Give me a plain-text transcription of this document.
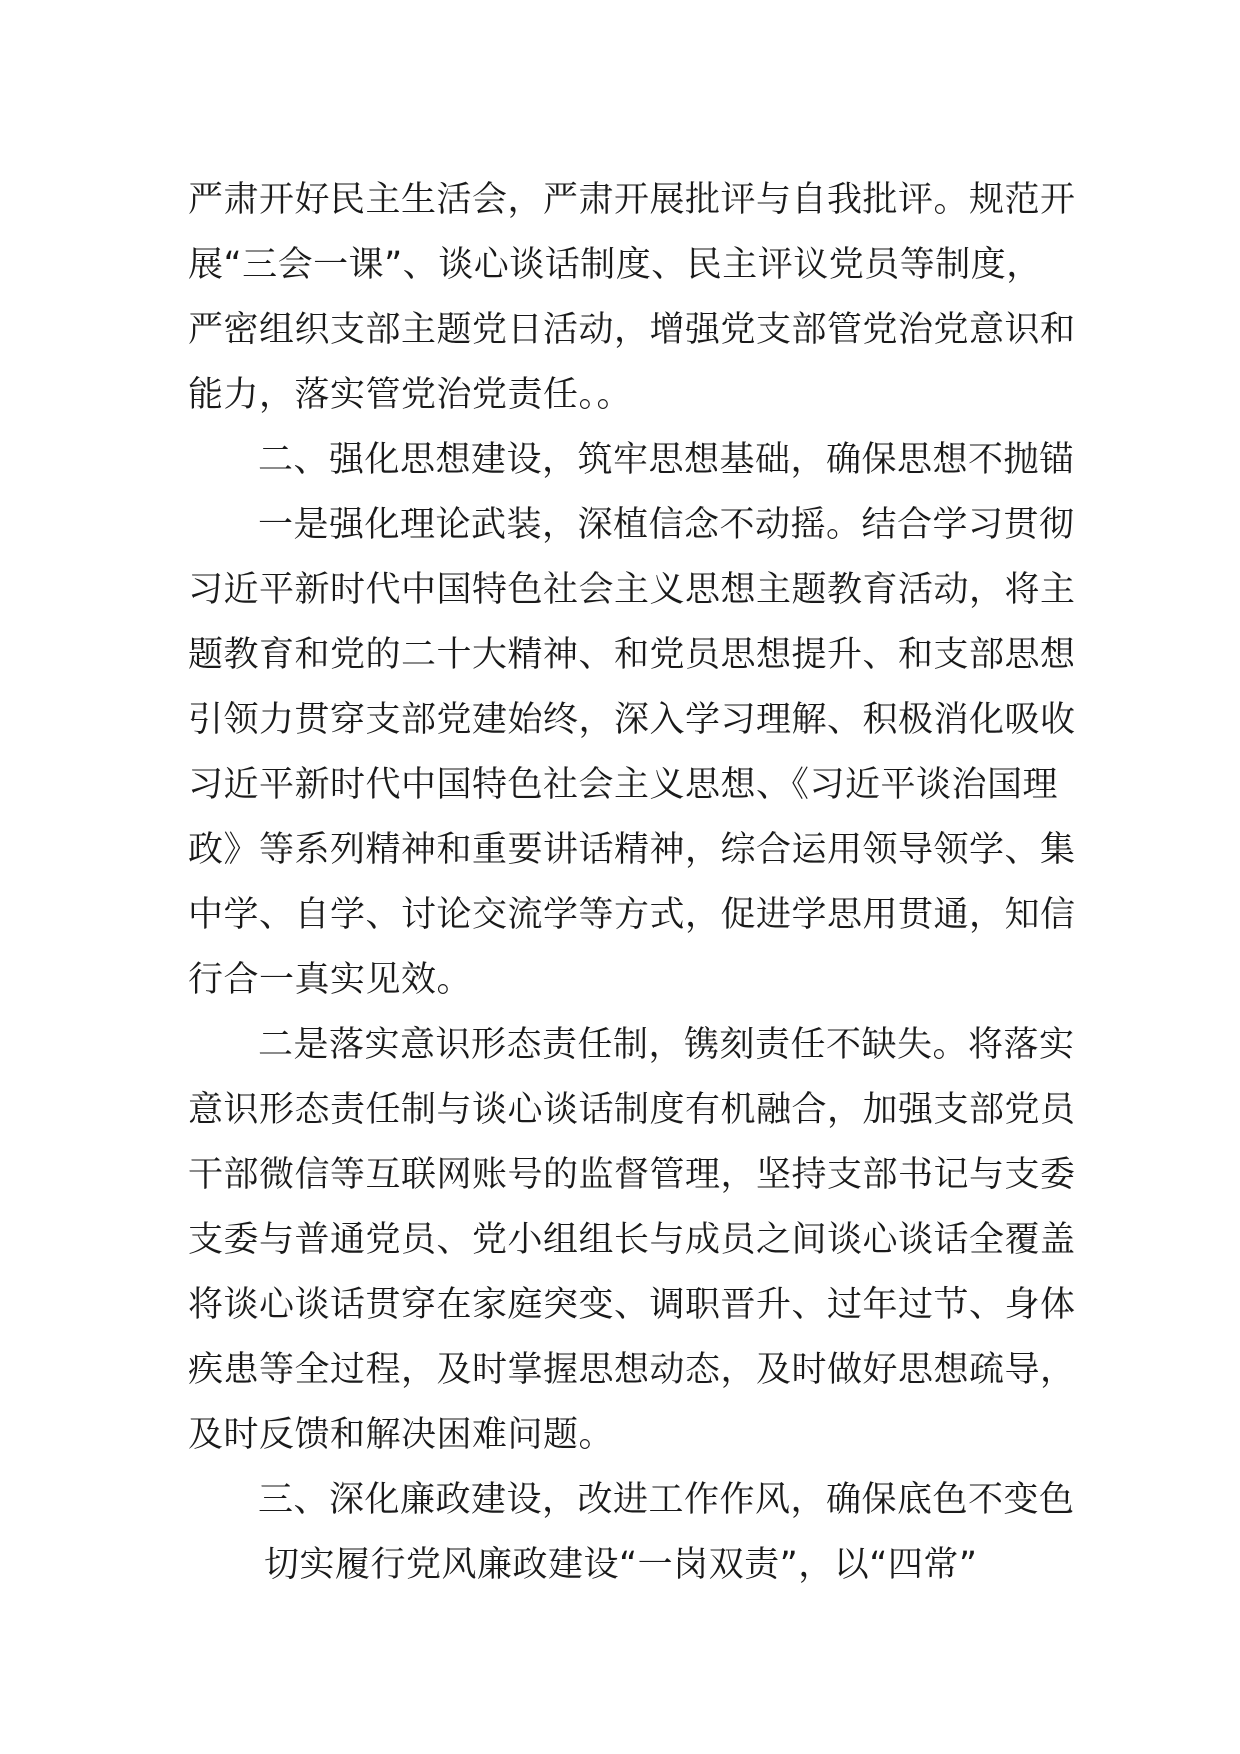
严肃开好民主生活会，严肃开展批评与自我批评。规范开
展“三会一课”、谈心谈话制度、民主评议党员等制度，
严密组织支部主题党日活动，增强党支部管党治党意识和
能力，落实管党治党责任。。
二、强化思想建设，筑牢思想基础，确保思想不抛锚
一是强化理论武装，深植信念不动摇。结合学习贯彻
习近平新时代中国特色社会主义思想主题教育活动，将主
题教育和党的二十大精神、和党员思想提升、和支部思想
引领力贯穿支部党建始终，深入学习理解、积极消化吸收
习近平新时代中国特色社会主义思想、《习近平谈治国理
政》等系列精神和重要讲话精神，综合运用领导领学、集
中学、自学、讨论交流学等方式，促进学思用贯通，知信
行合一真实见效。
二是落实意识形态责任制，镌刻责任不缺失。将落实
意识形态责任制与谈心谈话制度有机融合，加强支部党员
干部微信等互联网账号的监督管理，坚持支部书记与支委
支委与普通党员、党小组组长与成员之间谈心谈话全覆盖
将谈心谈话贯穿在家庭突变、调职晋升、过年过节、身体
疾患等全过程，及时掌握思想动态，及时做好思想疏导，
及时反馈和解决困难问题。
三、深化廉政建设，改进工作作风，确保底色不变色
切实履行党风廉政建设“一岗双责”，以“四常”
